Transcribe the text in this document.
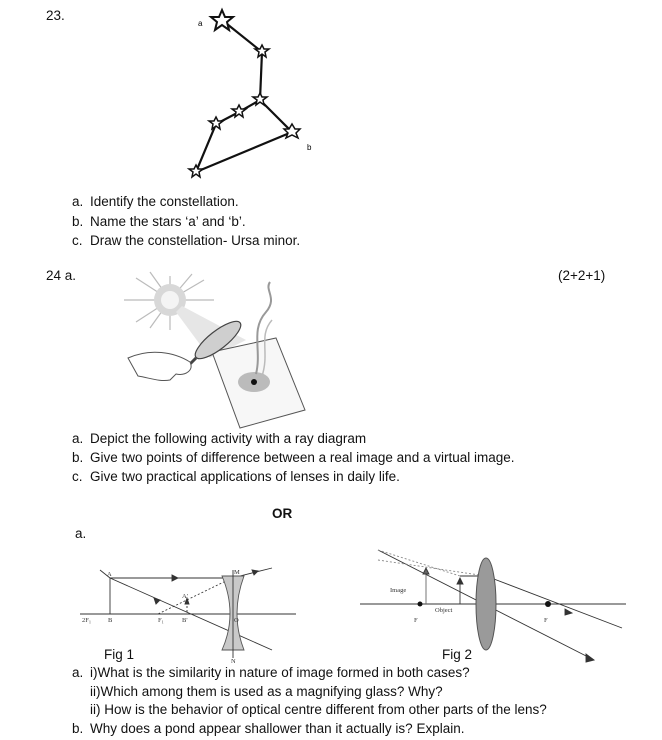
23.
a
b
A	M
N
O
B	F₁	B'
A'
2F₁
Image
Object
F	F
a. Identify the constellation.
b. Name the stars ‘a’ and ‘b’.
c. Draw the constellation- Ursa minor.
24 a.	(2+2+1)
a. Depict the following activity with a ray diagram
b. Give two points of difference between a real image and a virtual image.
c. Give two practical applications of lenses in daily life.
OR
a.
Fig 1	Fig 2
a. i)What is the similarity in nature of image formed in both cases?
ii)Which among them is used as a magnifying glass? Why?
ii) How is the behavior of optical centre different from other parts of the lens?
b. Why does a pond appear shallower than it actually is? Explain.
